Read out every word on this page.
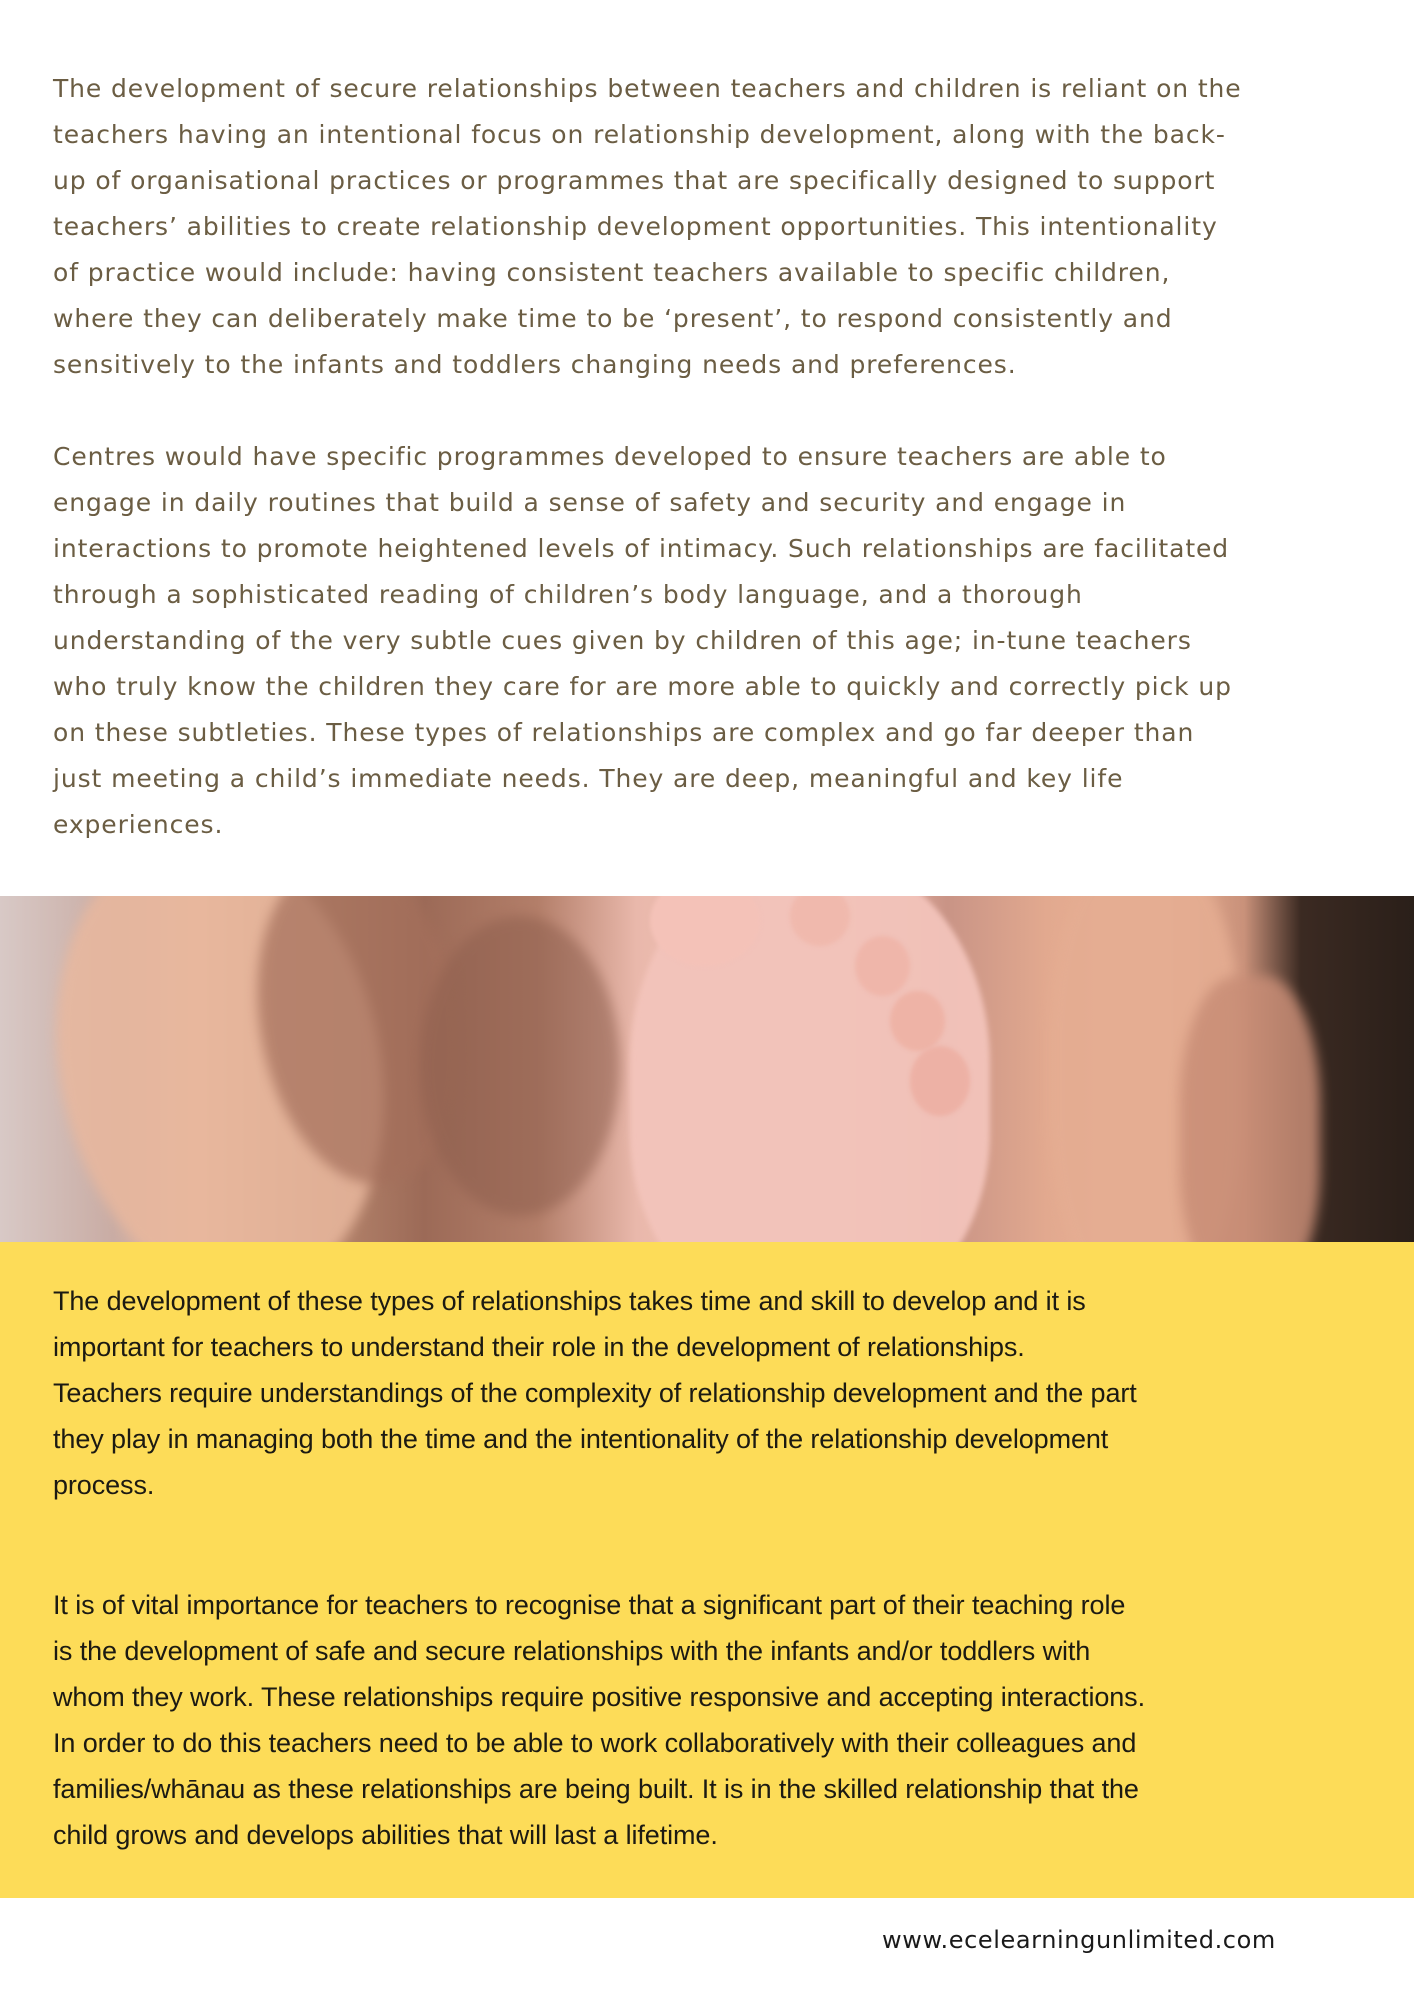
The development of secure relationships between teachers and children is reliant on the
teachers having an intentional focus on relationship development, along with the back-
up of organisational practices or programmes that are specifically designed to support
teachers’ abilities to create relationship development opportunities. This intentionality
of practice would include: having consistent teachers available to specific children,
where they can deliberately make time to be ‘present’, to respond consistently and
sensitively to the infants and toddlers changing needs and preferences.
Centres would have specific programmes developed to ensure teachers are able to
engage in daily routines that build a sense of safety and security and engage in
interactions to promote heightened levels of intimacy. Such relationships are facilitated
through a sophisticated reading of children’s body language, and a thorough
understanding of the very subtle cues given by children of this age; in-tune teachers
who truly know the children they care for are more able to quickly and correctly pick up
on these subtleties. These types of relationships are complex and go far deeper than
just meeting a child’s immediate needs. They are deep, meaningful and key life
experiences.
The development of these types of relationships takes time and skill to develop and it is
important for teachers to understand their role in the development of relationships.
Teachers require understandings of the complexity of relationship development and the part
they play in managing both the time and the intentionality of the relationship development
process.
It is of vital importance for teachers to recognise that a significant part of their teaching role
is the development of safe and secure relationships with the infants and/or toddlers with
whom they work. These relationships require positive responsive and accepting interactions.
In order to do this teachers need to be able to work collaboratively with their colleagues and
families/whānau as these relationships are being built. It is in the skilled relationship that the
child grows and develops abilities that will last a lifetime.
www.ecelearningunlimited.com
